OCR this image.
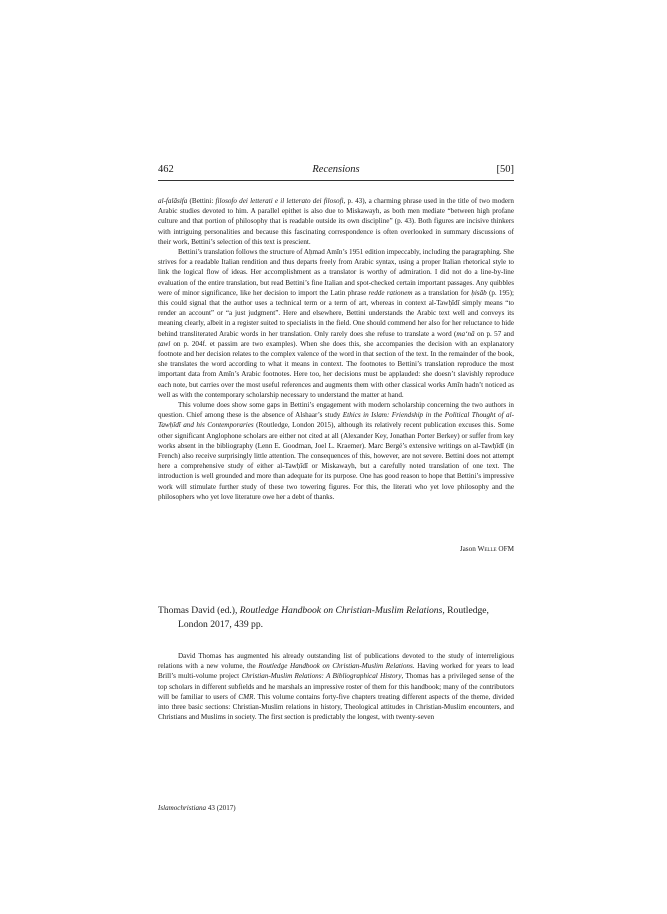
462	Recensions	[50]

al-falāsifa (Bettini: filosofo dei letterati e il letterato dei filosofi, p. 43), a charming phrase used in the title of two modern Arabic studies devoted to him. A parallel epithet is also due to Miskawayh, as both men mediate “between high profane culture and that portion of philosophy that is readable outside its own discipline” (p. 43). Both figures are incisive thinkers with intriguing personalities and because this fascinating correspondence is often overlooked in summary discussions of their work, Bettini’s selection of this text is prescient.

Bettini’s translation follows the structure of Aḥmad Amīn’s 1951 edition impeccably, including the paragraphing. She strives for a readable Italian rendition and thus departs freely from Arabic syntax, using a proper Italian rhetorical style to link the logical flow of ideas. Her accomplishment as a translator is worthy of admiration. I did not do a line-by-line evaluation of the entire translation, but read Bettini’s fine Italian and spot-checked certain important passages. Any quibbles were of minor significance, like her decision to import the Latin phrase redde rationem as a translation for ḥisāb (p. 195); this could signal that the author uses a technical term or a term of art, whereas in context al-Tawḥīdī simply means “to render an account” or “a just judgment”. Here and elsewhere, Bettini understands the Arabic text well and conveys its meaning clearly, albeit in a register suited to specialists in the field. One should commend her also for her reluctance to hide behind transliterated Arabic words in her translation. Only rarely does she refuse to translate a word (ma‘nā on p. 57 and ṭawl on p. 204f. et passim are two examples). When she does this, she accompanies the decision with an explanatory footnote and her decision relates to the complex valence of the word in that section of the text. In the remainder of the book, she translates the word according to what it means in context. The footnotes to Bettini’s translation reproduce the most important data from Amīn’s Arabic footnotes. Here too, her decisions must be applauded: she doesn’t slavishly reproduce each note, but carries over the most useful references and augments them with other classical works Amīn hadn’t noticed as well as with the contemporary scholarship necessary to understand the matter at hand.

This volume does show some gaps in Bettini’s engagement with modern scholarship concerning the two authors in question. Chief among these is the absence of Alshaar’s study Ethics in Islam: Friendship in the Political Thought of al-Tawḥīdī and his Contemporaries (Routledge, London 2015), although its relatively recent publication excuses this. Some other significant Anglophone scholars are either not cited at all (Alexander Key, Jonathan Porter Berkey) or suffer from key works absent in the bibliography (Lenn E. Goodman, Joel L. Kraemer). Marc Bergé’s extensive writings on al-Tawḥīdī (in French) also receive surprisingly little attention. The consequences of this, however, are not severe. Bettini does not attempt here a comprehensive study of either al-Tawḥīdī or Miskawayh, but a carefully noted translation of one text. The introduction is well grounded and more than adequate for its purpose. One has good reason to hope that Bettini’s impressive work will stimulate further study of these two towering figures. For this, the literati who yet love philosophy and the philosophers who yet love literature owe her a debt of thanks.

Jason Welle OFM
Thomas David (ed.), Routledge Handbook on Christian-Muslim Relations, Routledge,
London 2017, 439 pp.

David Thomas has augmented his already outstanding list of publications devoted to the study of interreligious relations with a new volume, the Routledge Handbook on Christian-Muslim Relations. Having worked for years to lead Brill’s multi-volume project Christian-Muslim Relations: A Bibliographical History, Thomas has a privileged sense of the top scholars in different subfields and he marshals an impressive roster of them for this handbook; many of the contributors will be familiar to users of CMR. This volume contains forty-five chapters treating different aspects of the theme, divided into three basic sections: Christian-Muslim relations in history, Theological attitudes in Christian-Muslim encounters, and Christians and Muslims in society. The first section is predictably the longest, with twenty-seven

Islamochristiana 43 (2017)
